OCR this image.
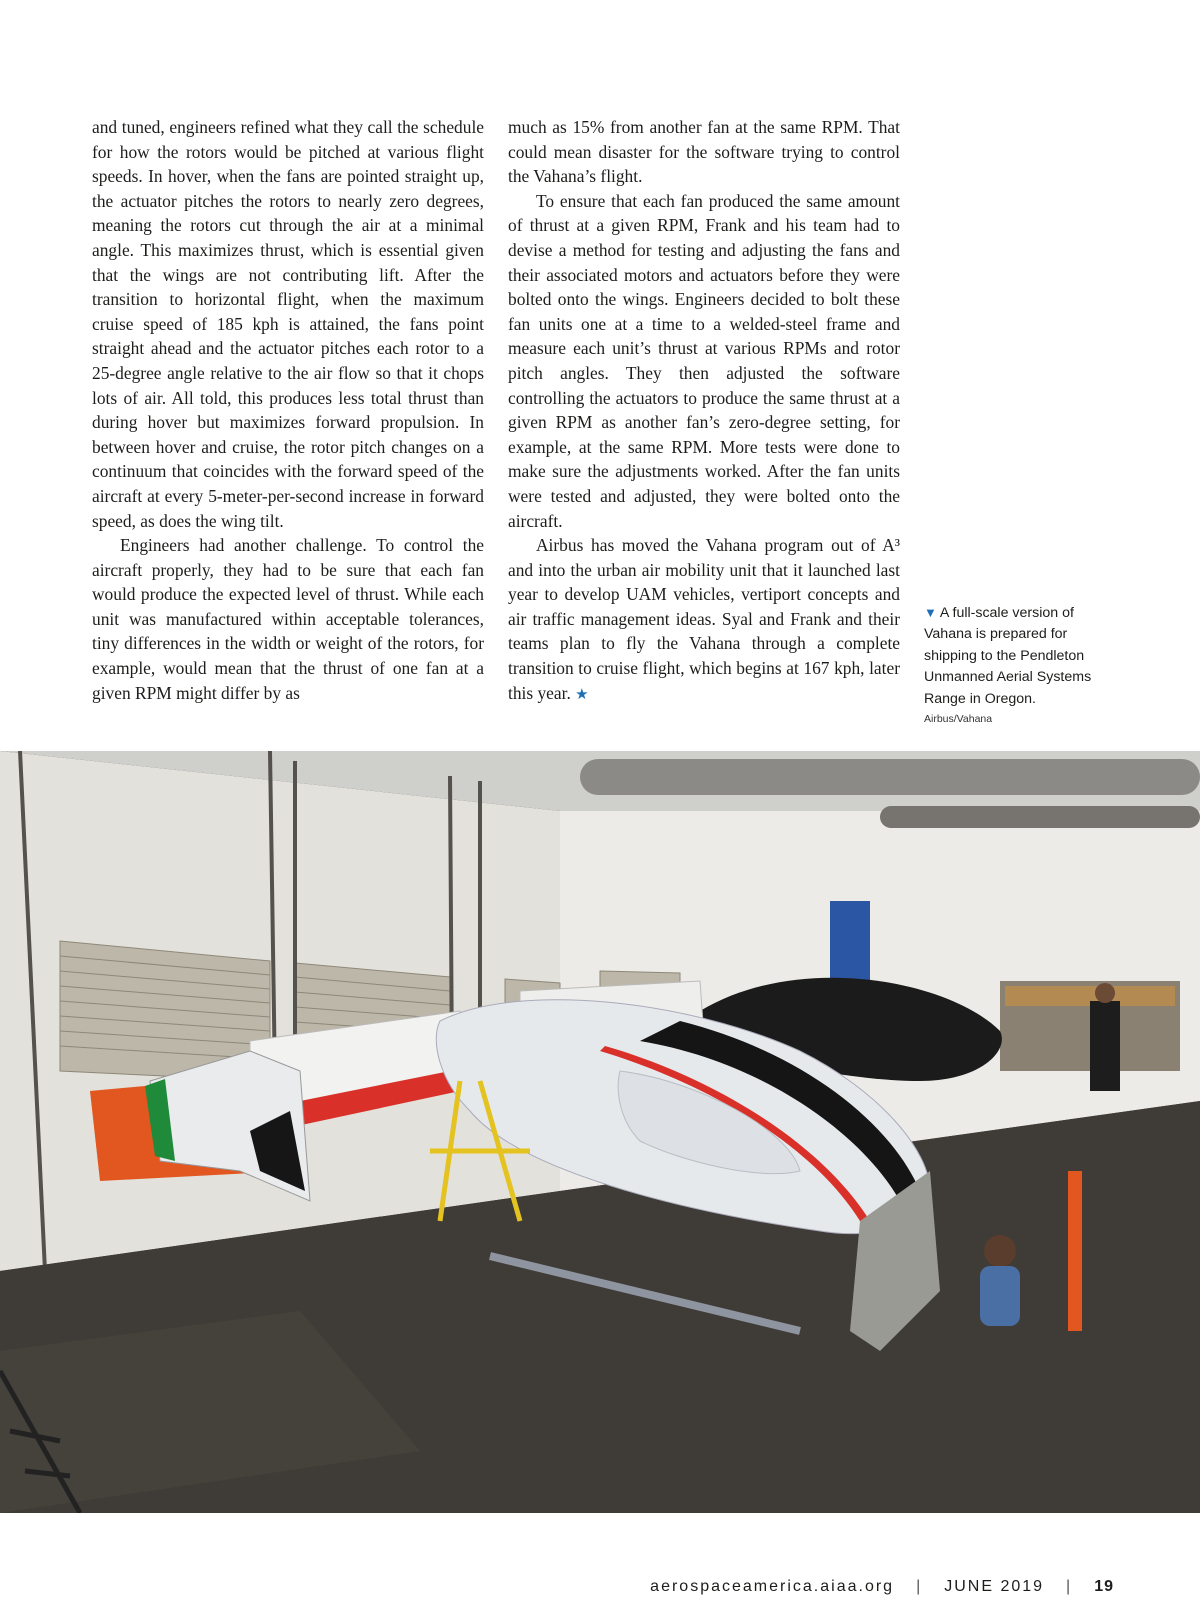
and tuned, engineers refined what they call the schedule for how the rotors would be pitched at various flight speeds. In hover, when the fans are pointed straight up, the actuator pitches the rotors to nearly zero degrees, meaning the rotors cut through the air at a minimal angle. This maximizes thrust, which is essential given that the wings are not contributing lift. After the transition to horizontal flight, when the maximum cruise speed of 185 kph is attained, the fans point straight ahead and the actuator pitches each rotor to a 25-degree angle relative to the air flow so that it chops lots of air. All told, this produces less total thrust than during hover but maximizes forward propulsion. In between hover and cruise, the rotor pitch changes on a continuum that coincides with the forward speed of the aircraft at every 5-meter-per-second increase in forward speed, as does the wing tilt.

Engineers had another challenge. To control the aircraft properly, they had to be sure that each fan would produce the expected level of thrust. While each unit was manufactured within acceptable tolerances, tiny differences in the width or weight of the rotors, for example, would mean that the thrust of one fan at a given RPM might differ by as

much as 15% from another fan at the same RPM. That could mean disaster for the software trying to control the Vahana’s flight.

To ensure that each fan produced the same amount of thrust at a given RPM, Frank and his team had to devise a method for testing and adjusting the fans and their associated motors and actuators before they were bolted onto the wings. Engineers decided to bolt these fan units one at a time to a welded-steel frame and measure each unit’s thrust at various RPMs and rotor pitch angles. They then adjusted the software controlling the actuators to produce the same thrust at a given RPM as another fan’s zero-degree setting, for example, at the same RPM. More tests were done to make sure the adjustments worked. After the fan units were tested and adjusted, they were bolted onto the aircraft.

Airbus has moved the Vahana program out of A³ and into the urban air mobility unit that it launched last year to develop UAM vehicles, vertiport concepts and air traffic management ideas. Syal and Frank and their teams plan to fly the Vahana through a complete transition to cruise flight, which begins at 167 kph, later this year. ★

▼ A full-scale version of Vahana is prepared for shipping to the Pendleton Unmanned Aerial Systems Range in Oregon.
Airbus/Vahana
aerospaceamerica.aiaa.org | JUNE 2019 | 19
